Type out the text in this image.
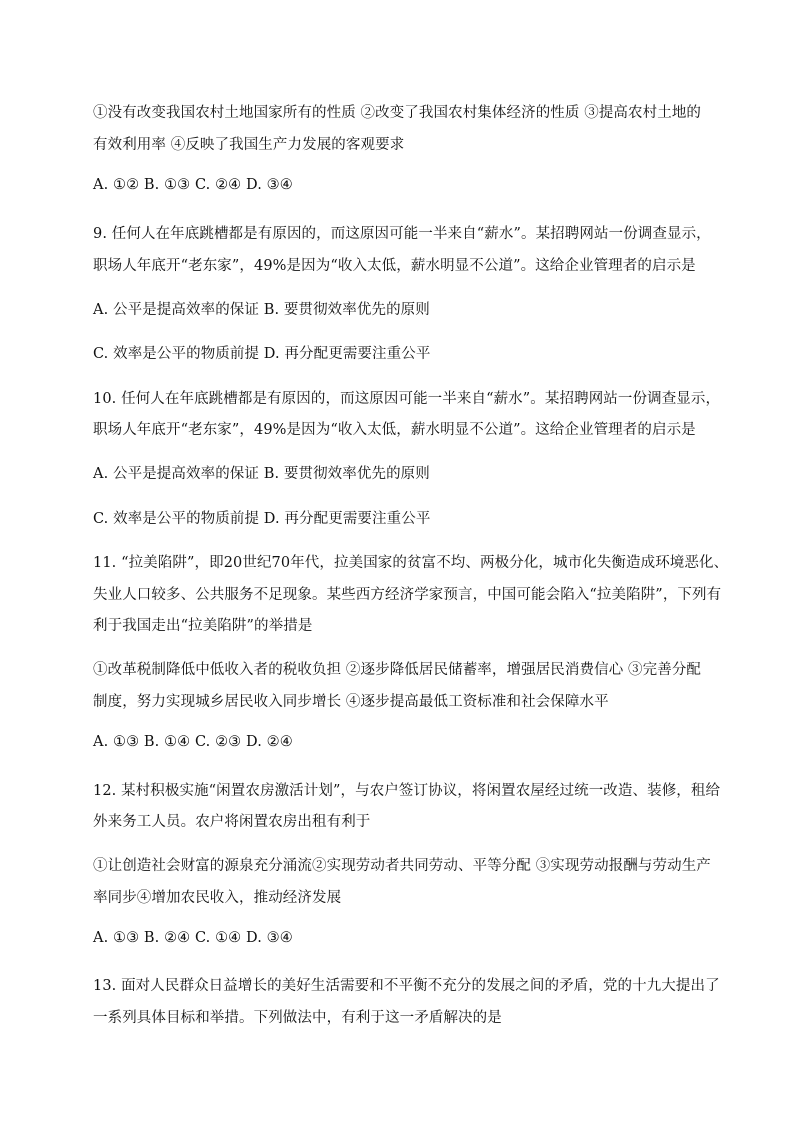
①没有改变我国农村土地国家所有的性质 ②改变了我国农村集体经济的性质 ③提高农村土地的
有效利用率 ④反映了我国生产力发展的客观要求
A. ①② B. ①③ C. ②④ D. ③④
9. 任何人在年底跳槽都是有原因的，而这原因可能一半来自“薪水”。某招聘网站一份调查显示，
职场人年底开“老东家”，49%是因为“收入太低，薪水明显不公道”。这给企业管理者的启示是
A. 公平是提高效率的保证 B. 要贯彻效率优先的原则
C. 效率是公平的物质前提 D. 再分配更需要注重公平
10. 任何人在年底跳槽都是有原因的，而这原因可能一半来自“薪水”。某招聘网站一份调查显示，
职场人年底开“老东家”，49%是因为“收入太低，薪水明显不公道”。这给企业管理者的启示是
A. 公平是提高效率的保证 B. 要贯彻效率优先的原则
C. 效率是公平的物质前提 D. 再分配更需要注重公平
11. “拉美陷阱”，即20世纪70年代，拉美国家的贫富不均、两极分化，城市化失衡造成环境恶化、
失业人口较多、公共服务不足现象。某些西方经济学家预言，中国可能会陷入“拉美陷阱”，下列有
利于我国走出“拉美陷阱”的举措是
①改革税制降低中低收入者的税收负担 ②逐步降低居民储蓄率，增强居民消费信心 ③完善分配
制度，努力实现城乡居民收入同步增长 ④逐步提高最低工资标准和社会保障水平
A. ①③ B. ①④ C. ②③ D. ②④
12. 某村积极实施“闲置农房激活计划”，与农户签订协议，将闲置农屋经过统一改造、装修，租给
外来务工人员。农户将闲置农房出租有利于
①让创造社会财富的源泉充分涌流②实现劳动者共同劳动、平等分配 ③实现劳动报酬与劳动生产
率同步④增加农民收入，推动经济发展
A. ①③ B. ②④ C. ①④ D. ③④
13. 面对人民群众日益增长的美好生活需要和不平衡不充分的发展之间的矛盾，党的十九大提出了
一系列具体目标和举措。下列做法中，有利于这一矛盾解决的是
